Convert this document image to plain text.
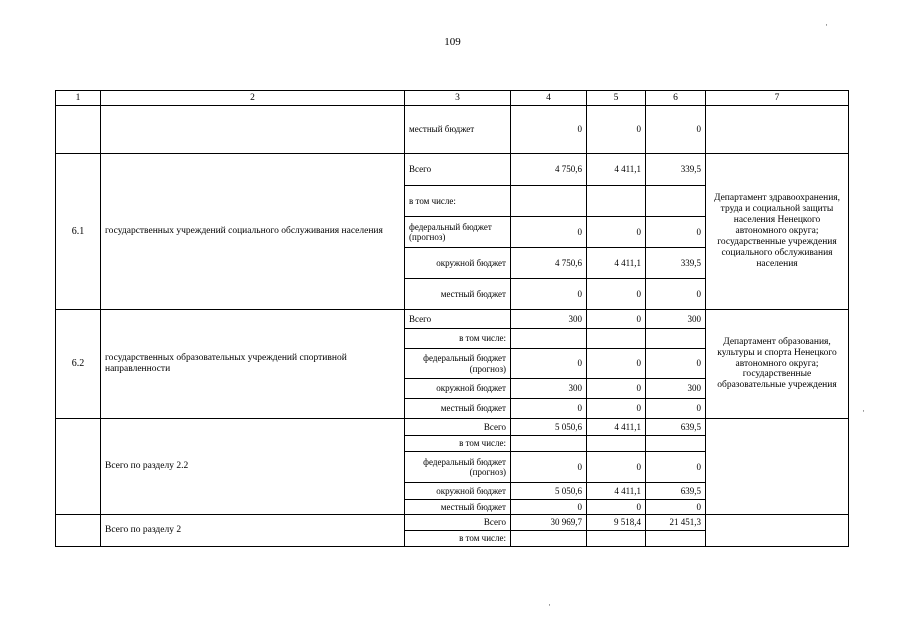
109
1	2	3	4	5	6	7
		местный бюджет	0	0	0	
6.1	государственных учреждений социального обслуживания населения	Всего	4 750,6	4 411,1	339,5	Департамент здравоохранения, труда и социальной защиты населения Ненецкого автономного округа; государственные учреждения социального обслуживания населения
		в том числе:				
		федеральный бюджет (прогноз)	0	0	0	
		окружной бюджет	4 750,6	4 411,1	339,5	
		местный бюджет	0	0	0	
6.2	государственных образовательных учреждений спортивной направленности	Всего	300	0	300	Департамент образования, культуры и спорта Ненецкого автономного округа; государственные образовательные учреждения
		в том числе:				
		федеральный бюджет (прогноз)	0	0	0	
		окружной бюджет	300	0	300	
		местный бюджет	0	0	0	
	Всего по разделу 2.2	Всего	5 050,6	4 411,1	639,5	
		в том числе:				
		федеральный бюджет (прогноз)	0	0	0	
		окружной бюджет	5 050,6	4 411,1	639,5	
		местный бюджет	0	0	0	
	Всего по разделу 2	Всего	30 969,7	9 518,4	21 451,3	
		в том числе:				
·
·
·
